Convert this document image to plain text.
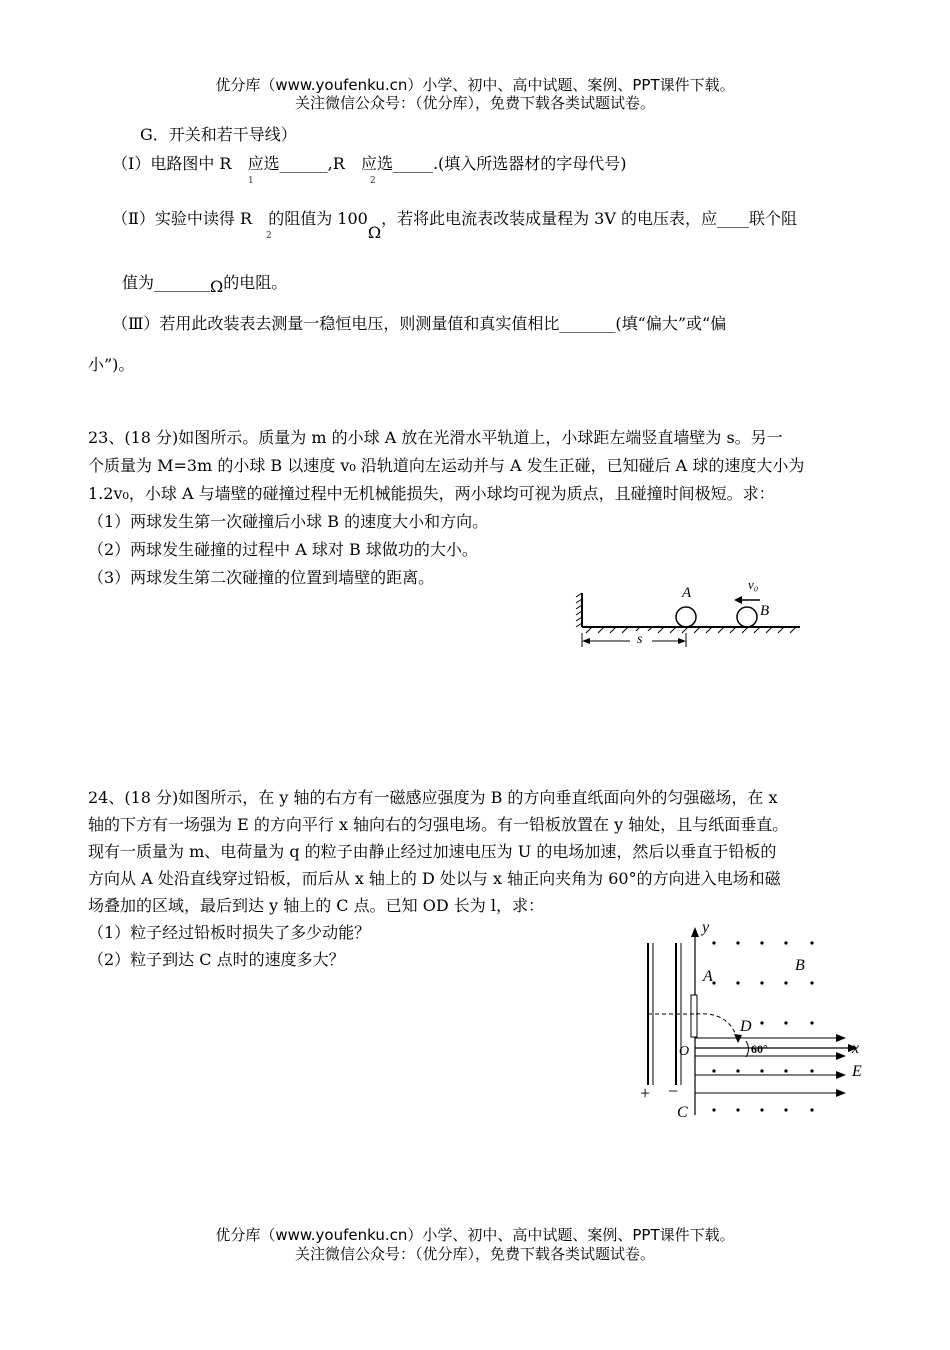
优分库（www.youfenku.cn）小学、初中、高中试题、案例、PPT课件下载。
关注微信公众号：（优分库），免费下载各类试题试卷。
G．开关和若干导线）
（Ⅰ）电路图中 R  应选______,R  应选_____.(填入所选器材的字母代号)
1	2
（Ⅱ）实验中读得 R  的阻值为 100Ω，若将此电流表改装成量程为 3V 的电压表，应____联个阻
2
值为_______Ω的电阻。
（Ⅲ）若用此改装表去测量一稳恒电压，则测量值和真实值相比_______(填“偏大”或“偏
小”)。
23、(18 分)如图所示。质量为 m 的小球 A 放在光滑水平轨道上，小球距左端竖直墙壁为 s。另一
个质量为 M=3m 的小球 B 以速度 v₀ 沿轨道向左运动并与 A 发生正碰，已知碰后 A 球的速度大小为
1.2v₀，小球 A 与墙壁的碰撞过程中无机械能损失，两小球均可视为质点，且碰撞时间极短。求：
（1）两球发生第一次碰撞后小球 B 的速度大小和方向。
（2）两球发生碰撞的过程中 A 球对 B 球做功的大小。
（3）两球发生第二次碰撞的位置到墙壁的距离。
A
B
v₀
s
24、(18 分)如图所示，在 y 轴的右方有一磁感应强度为 B 的方向垂直纸面向外的匀强磁场，在 x
轴的下方有一场强为 E 的方向平行 x 轴向右的匀强电场。有一铅板放置在 y 轴处，且与纸面垂直。
现有一质量为 m、电荷量为 q 的粒子由静止经过加速电压为 U 的电场加速，然后以垂直于铅板的
方向从 A 处沿直线穿过铅板，而后从 x 轴上的 D 处以与 x 轴正向夹角为 60°的方向进入电场和磁
场叠加的区域，最后到达 y 轴上的 C 点。已知 OD 长为 l，求：
（1）粒子经过铅板时损失了多少动能？
（2）粒子到达 C 点时的速度多大？
+ −
y
A
B
D
60°
O	x
E
C
优分库（www.youfenku.cn）小学、初中、高中试题、案例、PPT课件下载。
关注微信公众号：（优分库），免费下载各类试题试卷。
